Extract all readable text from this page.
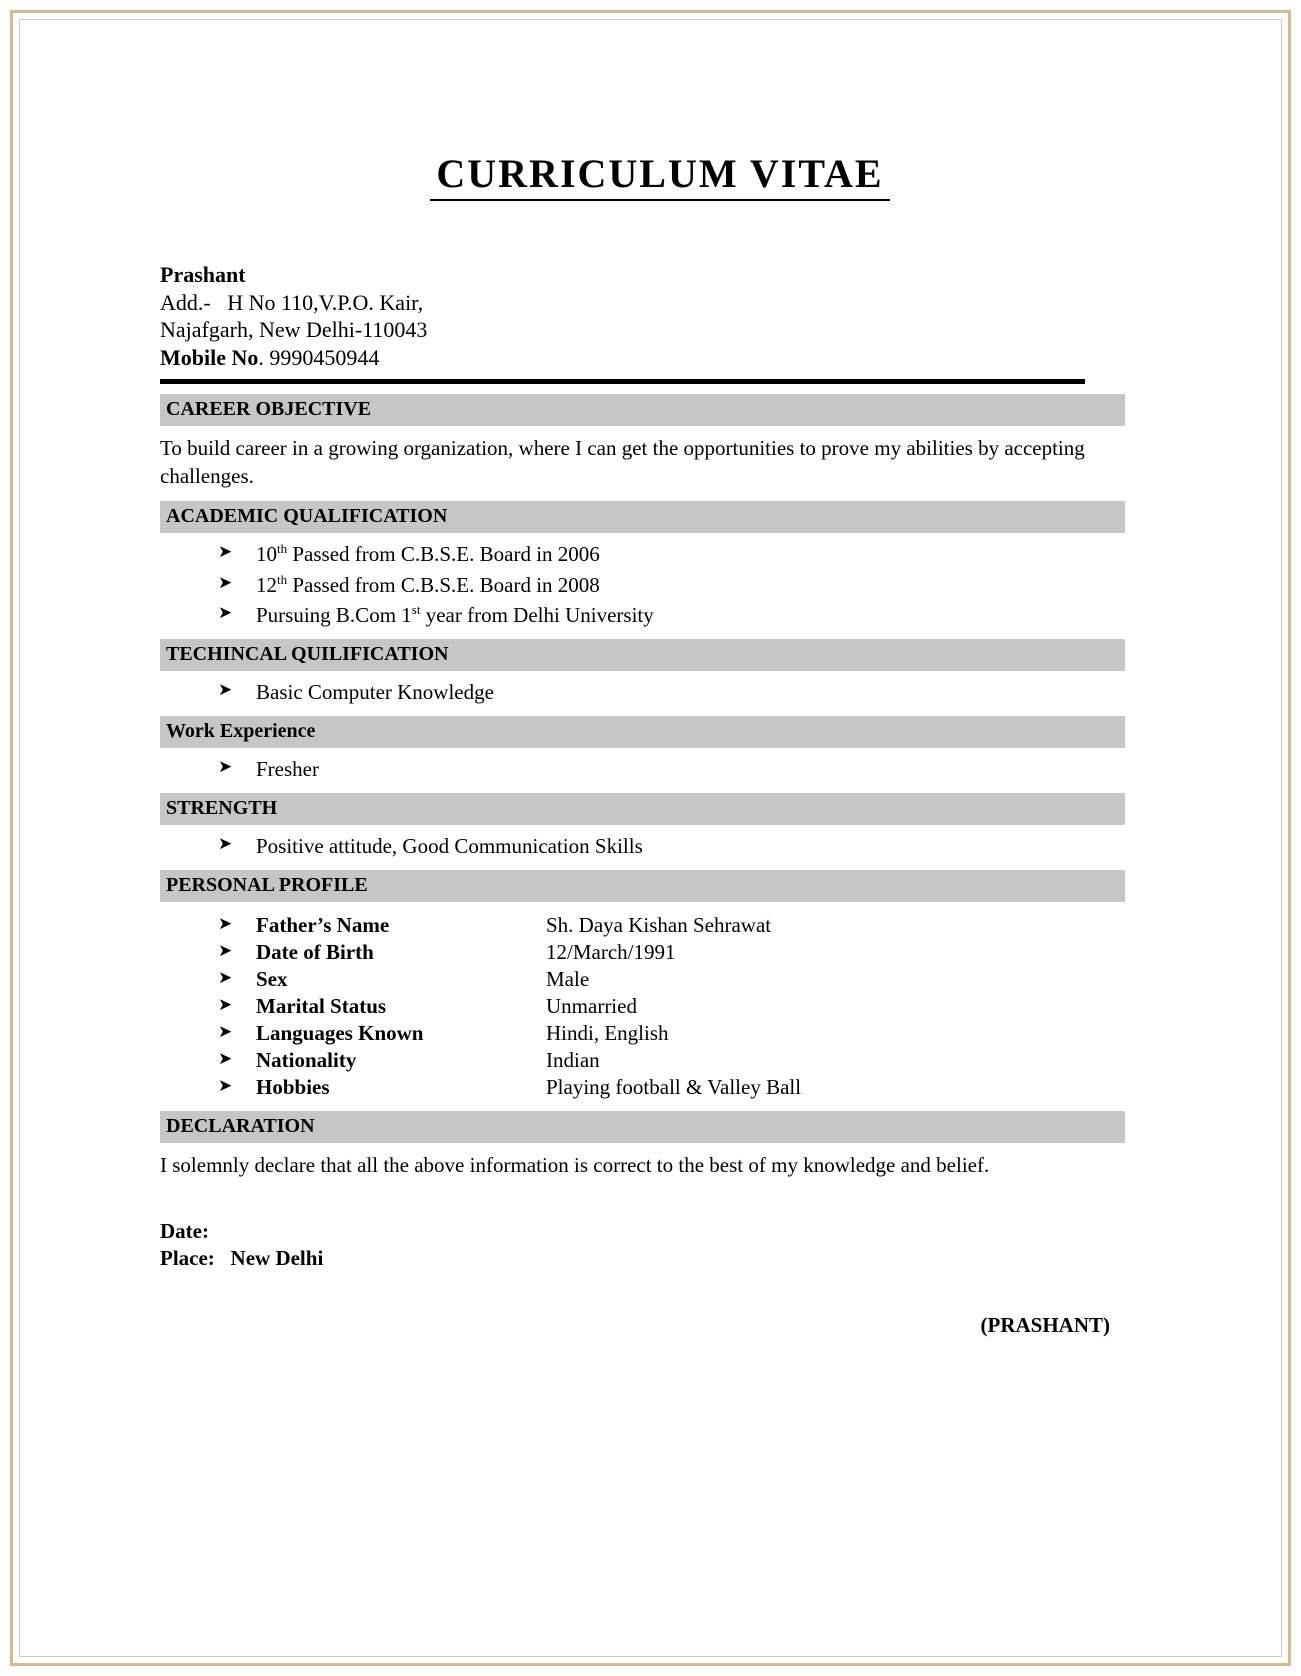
CURRICULUM VITAE
Prashant
Add.- H No 110,V.P.O. Kair,
Najafgarh, New Delhi-110043
Mobile No. 9990450944
CAREER OBJECTIVE
To build career in a growing organization, where I can get the opportunities to prove my abilities by accepting challenges.
ACADEMIC QUALIFICATION
➤ 10th Passed from C.B.S.E. Board in 2006
➤ 12th Passed from C.B.S.E. Board in 2008
➤ Pursuing B.Com 1st year from Delhi University
TECHINCAL QUILIFICATION
➤ Basic Computer Knowledge
Work Experience
➤ Fresher
STRENGTH
➤ Positive attitude, Good Communication Skills
PERSONAL PROFILE
➤ Father’s Name	Sh. Daya Kishan Sehrawat
➤ Date of Birth	12/March/1991
➤ Sex	Male
➤ Marital Status	Unmarried
➤ Languages Known	Hindi, English
➤ Nationality	Indian
➤ Hobbies	Playing football & Valley Ball
DECLARATION
I solemnly declare that all the above information is correct to the best of my knowledge and belief.
Date:
Place: New Delhi
(PRASHANT)
